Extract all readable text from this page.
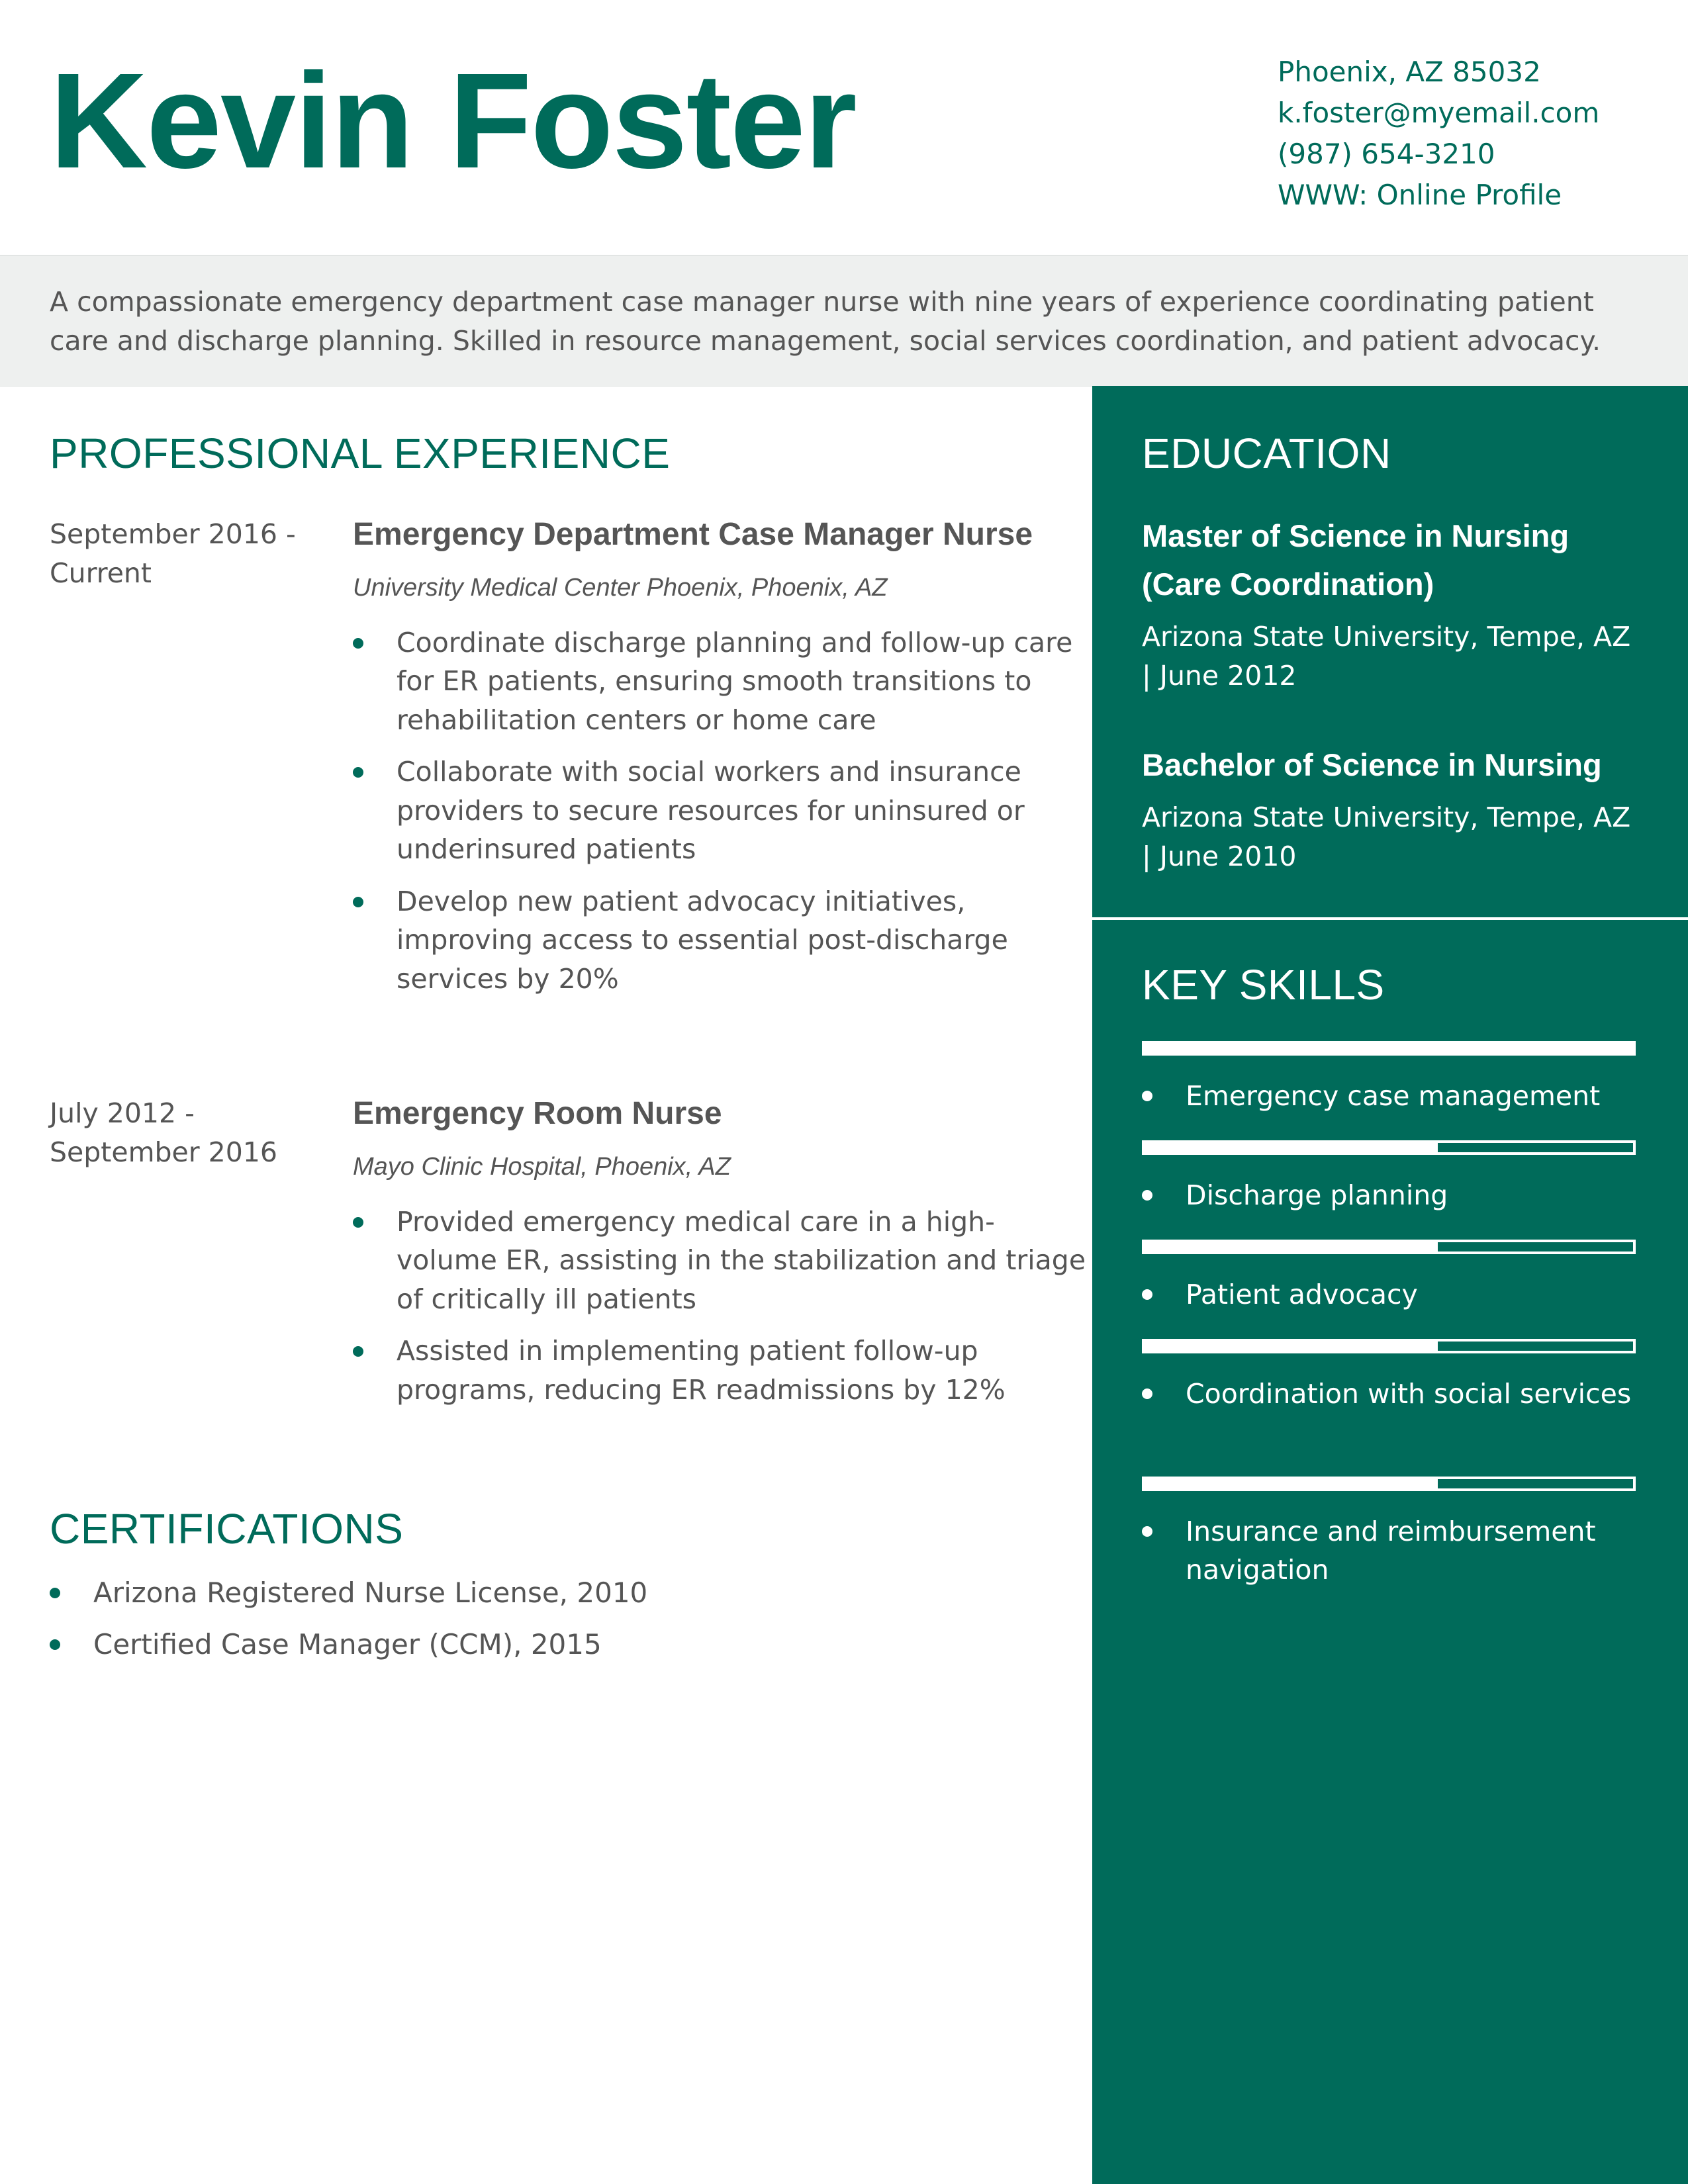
Kevin Foster	Phoenix, AZ 85032
k.foster@myemail.com
(987) 654-3210
WWW: Online Profile

A compassionate emergency department case manager nurse with nine years of experience coordinating patient care and discharge planning. Skilled in resource management, social services coordination, and patient advocacy.

PROFESSIONAL EXPERIENCE
September 2016 - Current
Emergency Department Case Manager Nurse
University Medical Center Phoenix, Phoenix, AZ
Coordinate discharge planning and follow-up care for ER patients, ensuring smooth transitions to rehabilitation centers or home care
Collaborate with social workers and insurance providers to secure resources for uninsured or underinsured patients
Develop new patient advocacy initiatives, improving access to essential post-discharge services by 20%
July 2012 - September 2016
Emergency Room Nurse
Mayo Clinic Hospital, Phoenix, AZ
Provided emergency medical care in a high-volume ER, assisting in the stabilization and triage of critically ill patients
Assisted in implementing patient follow-up programs, reducing ER readmissions by 12%
CERTIFICATIONS
Arizona Registered Nurse License, 2010
Certified Case Manager (CCM), 2015
EDUCATION
Master of Science in Nursing (Care Coordination)
Arizona State University, Tempe, AZ | June 2012
Bachelor of Science in Nursing
Arizona State University, Tempe, AZ | June 2010
KEY SKILLS
Emergency case management
Discharge planning
Patient advocacy
Coordination with social services
Insurance and reimbursement navigation
